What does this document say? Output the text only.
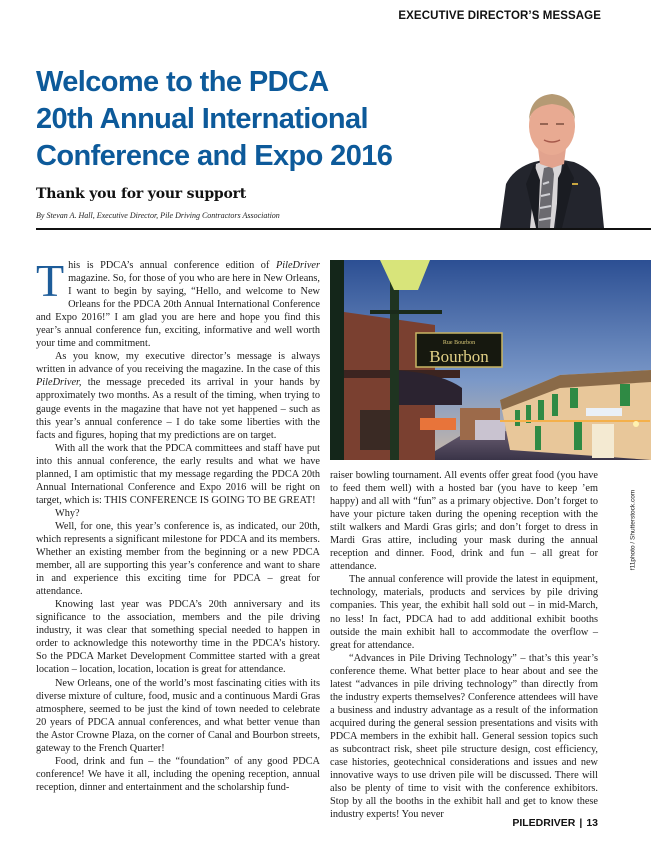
EXECUTIVE DIRECTOR’S MESSAGE
Welcome to the PDCA
20th Annual International
Conference and Expo 2016
Thank you for your support
By Stevan A. Hall, Executive Director, Pile Driving Contractors Association

This is PDCA’s annual conference edition of PileDriver magazine. So, for those of you who are here in New Orleans, I want to begin by saying, “Hello, and welcome to New Orleans for the PDCA 20th Annual International Conference and Expo 2016!” I am glad you are here and hope you find this year’s annual conference fun, exciting, informative and well worth your time and commitment.

As you know, my executive director’s message is always written in advance of you receiving the magazine. In the case of this PileDriver, the message preceded its arrival in your hands by approximately two months. As a result of the timing, when trying to gauge events in the magazine that have not yet happened – such as this year’s annual conference – I do take some liberties with the facts and figures, hoping that my predictions are on target.

With all the work that the PDCA committees and staff have put into this annual conference, the early results and what we have planned, I am optimistic that my message regarding the PDCA 20th Annual International Conference and Expo 2016 will be right on target, which is: THIS CONFERENCE IS GOING TO BE GREAT!

Why?

Well, for one, this year’s conference is, as indicated, our 20th, which represents a significant milestone for PDCA and its members. Whether an existing member from the beginning or a new PDCA member, all are supporting this year’s conference and want to share in and experience this exciting time for PDCA – great for attendance.

Knowing last year was PDCA’s 20th anniversary and its significance to the association, members and the pile driving industry, it was clear that something special needed to happen in order to acknowledge this noteworthy time in the PDCA’s history. So the PDCA Market Development Committee started with a great location – location, location, location is great for attendance.

New Orleans, one of the world’s most fascinating cities with its diverse mixture of culture, food, music and a continuous Mardi Gras atmosphere, seemed to be just the kind of town needed to celebrate 20 years of PDCA annual conferences, and what better venue than the Astor Crowne Plaza, on the corner of Canal and Bourbon streets, gateway to the French Quarter!

Food, drink and fun – the “foundation” of any good PDCA conference! We have it all, including the opening reception, annual reception, dinner and entertainment and the scholarship fund-

Rue Bourbon
Bourbon
f11photo / Shutterstock.com

raiser bowling tournament. All events offer great food (you have to feed them well) with a hosted bar (you have to keep ’em happy) and all with “fun” as a primary objective. Don’t forget to have your picture taken during the opening reception with the stilt walkers and Mardi Gras girls; and don’t forget to dress in Mardi Gras attire, including your mask during the annual reception and dinner. Food, drink and fun – all great for attendance.

The annual conference will provide the latest in equipment, technology, materials, products and services by pile driving companies. This year, the exhibit hall sold out – in mid-March, no less! In fact, PDCA had to add additional exhibit booths outside the main exhibit hall to accommodate the overflow – great for attendance.

“Advances in Pile Driving Technology” – that’s this year’s conference theme. What better place to hear about and see the latest “advances in pile driving technology” than directly from the industry experts themselves? Conference attendees will have a business and industry advantage as a result of the information acquired during the general session presentations and visits with PDCA members in the exhibit hall. General session topics such as subcontract risk, sheet pile structure design, cost efficiency, case histories, geotechnical considerations and issues and new innovative ways to use driven pile will be discussed. There will also be plenty of time to visit with the conference exhibitors. Stop by all the booths in the exhibit hall and get to know these industry experts! You never

PILEDRIVER | 13
